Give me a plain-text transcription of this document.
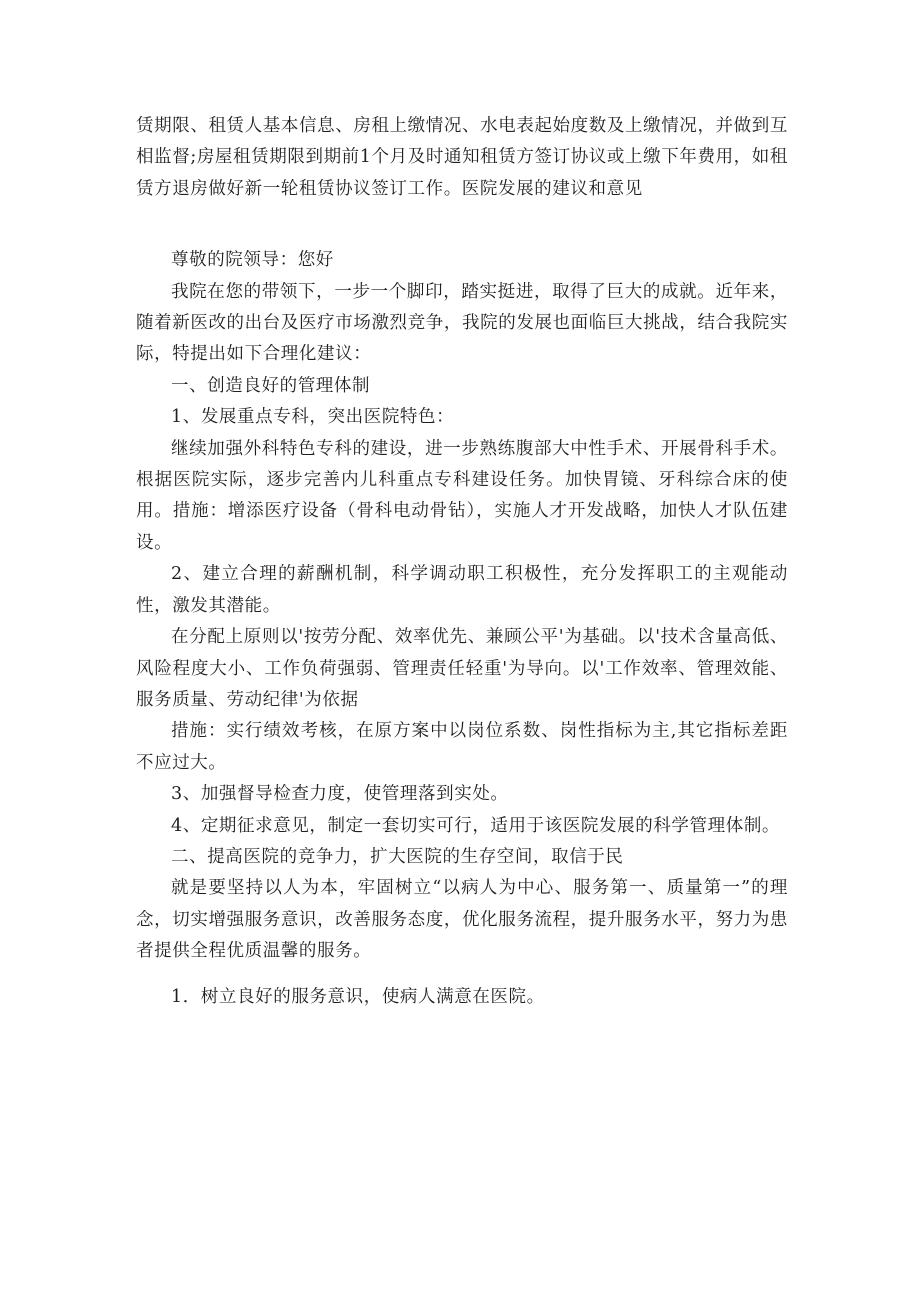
赁期限、租赁人基本信息、房租上缴情况、水电表起始度数及上缴情况，并做到互相监督;房屋租赁期限到期前1个月及时通知租赁方签订协议或上缴下年费用，如租赁方退房做好新一轮租赁协议签订工作。医院发展的建议和意见

尊敬的院领导：您好

我院在您的带领下，一步一个脚印，踏实挺进，取得了巨大的成就。近年来，随着新医改的出台及医疗市场激烈竞争，我院的发展也面临巨大挑战，结合我院实际，特提出如下合理化建议：

一、创造良好的管理体制

1、发展重点专科，突出医院特色：

继续加强外科特色专科的建设，进一步熟练腹部大中性手术、开展骨科手术。根据医院实际，逐步完善内儿科重点专科建设任务。加快胃镜、牙科综合床的使用。措施：增添医疗设备（骨科电动骨钻），实施人才开发战略，加快人才队伍建设。

2、建立合理的薪酬机制，科学调动职工积极性，充分发挥职工的主观能动性，激发其潜能。

在分配上原则以'按劳分配、效率优先、兼顾公平'为基础。以'技术含量高低、风险程度大小、工作负荷强弱、管理责任轻重'为导向。以'工作效率、管理效能、服务质量、劳动纪律'为依据

措施：实行绩效考核，在原方案中以岗位系数、岗性指标为主,其它指标差距不应过大。

3、加强督导检查力度，使管理落到实处。

4、定期征求意见，制定一套切实可行，适用于该医院发展的科学管理体制。

二、提高医院的竞争力，扩大医院的生存空间，取信于民

就是要坚持以人为本，牢固树立“以病人为中心、服务第一、质量第一”的理念，切实增强服务意识，改善服务态度，优化服务流程，提升服务水平，努力为患者提供全程优质温馨的服务。

1．树立良好的服务意识，使病人满意在医院。
